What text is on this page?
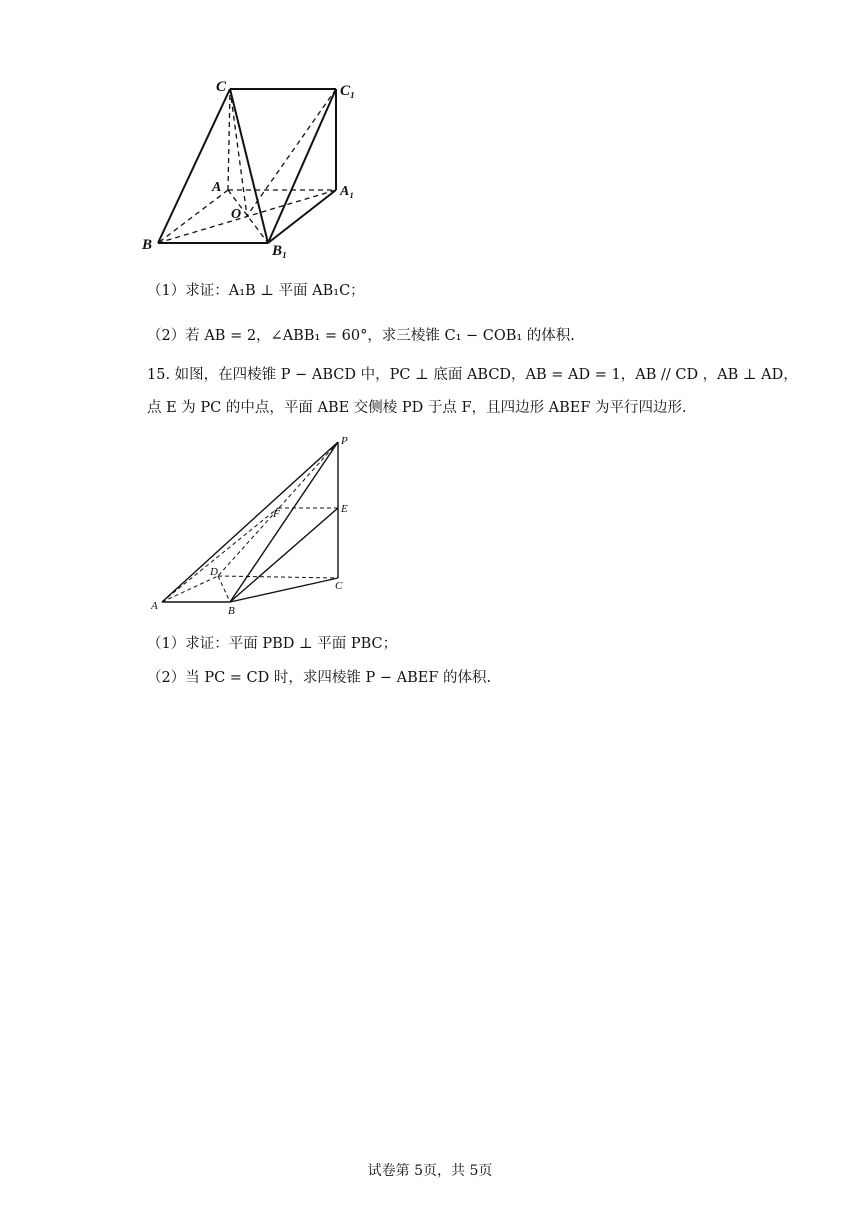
C	C₁
A	A₁
O
B	B₁
（1）求证：A₁B ⊥ 平面 AB₁C；
（2）若 AB = 2，∠ABB₁ = 60°，求三棱锥 C₁ − COB₁ 的体积.
15. 如图，在四棱锥 P − ABCD 中，PC ⊥ 底面 ABCD，AB = AD = 1，AB // CD ，AB ⊥ AD，
点 E 为 PC 的中点，平面 ABE 交侧棱 PD 于点 F，且四边形 ABEF 为平行四边形.
P
F	E
D
C
A	B
（1）求证：平面 PBD ⊥ 平面 PBC；
（2）当 PC = CD 时，求四棱锥 P − ABEF 的体积.
试卷第 5页，共 5页
